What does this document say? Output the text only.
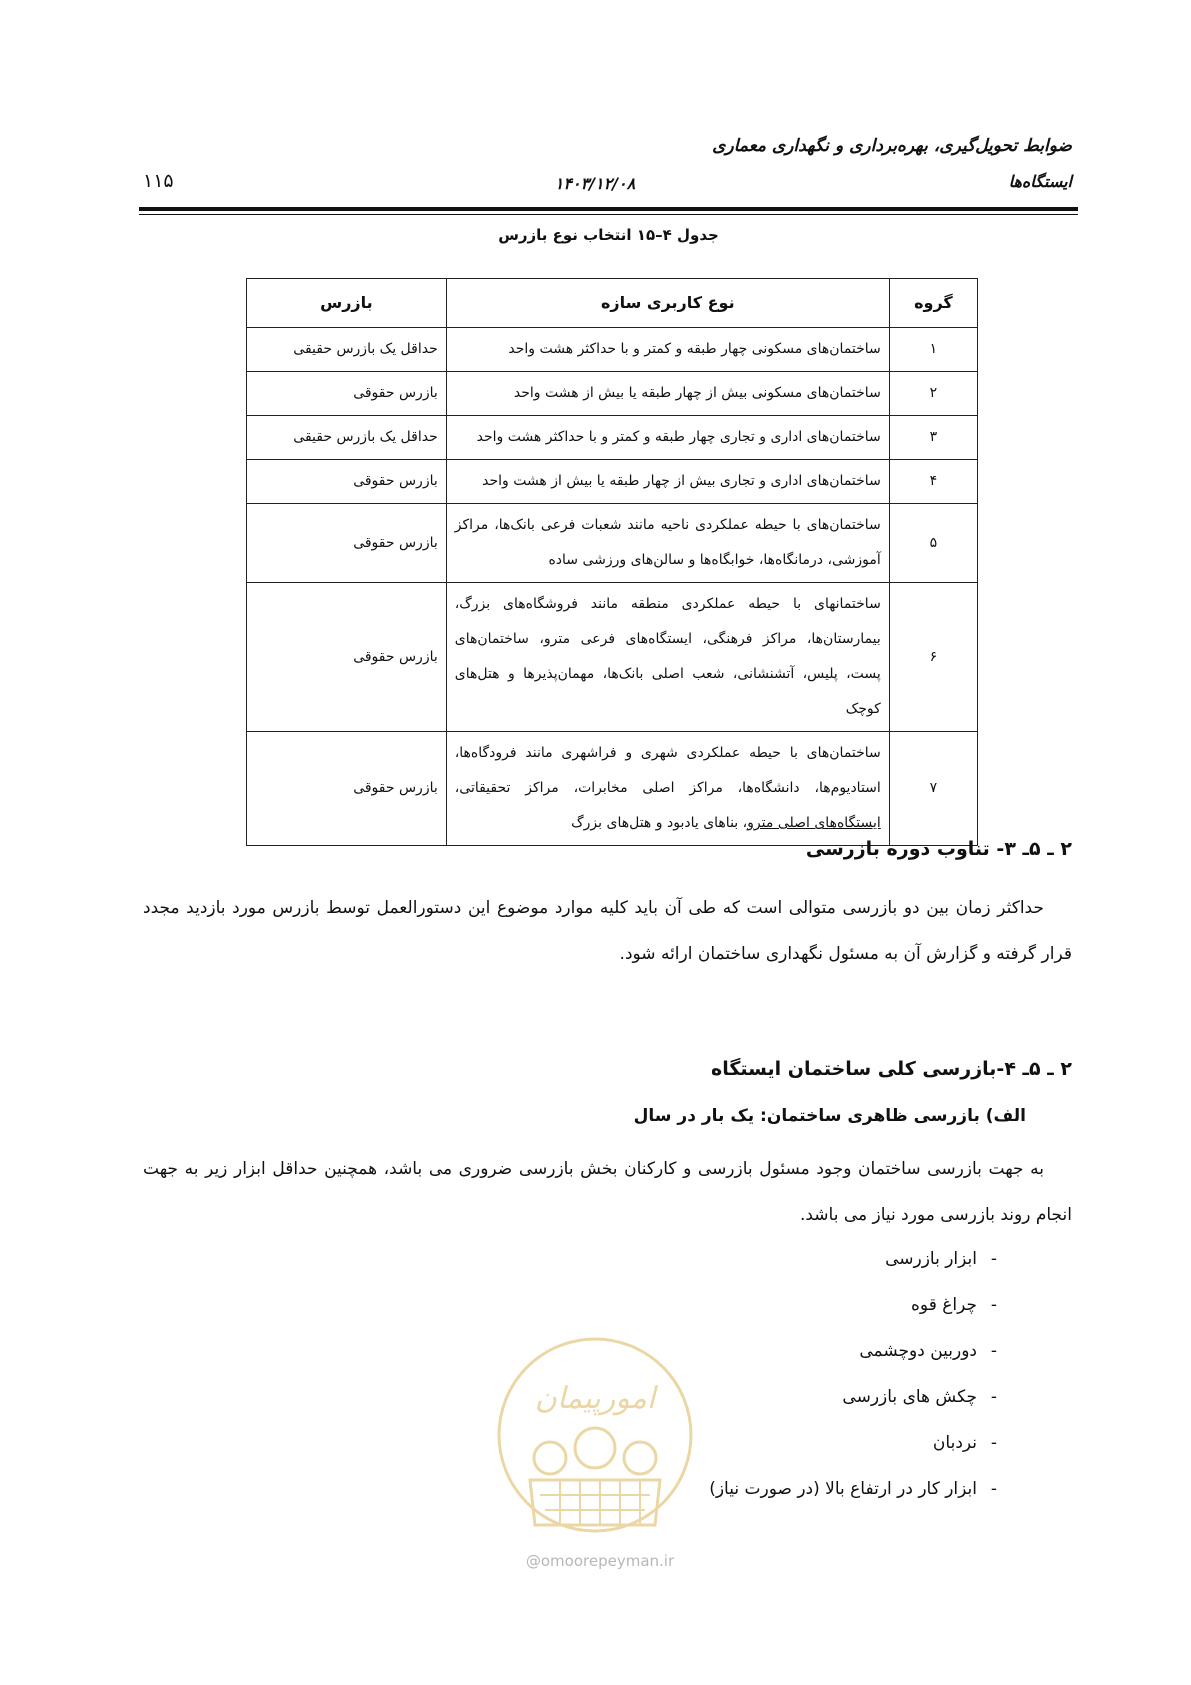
ضوابط تحویل‌گیری، بهره‌برداری و نگهداری معماری
ایستگاه‌ها
۱۴۰۳/۱۲/۰۸
۱۱۵
جدول ۴–۱۵ انتخاب نوع بازرس
گروه	نوع کاربری سازه	بازرس
۱	ساختمان‌های مسکونی چهار طبقه و کمتر و با حداکثر هشت واحد	حداقل یک بازرس حقیقی
۲	ساختمان‌های مسکونی بیش از چهار طبقه یا بیش از هشت واحد	بازرس حقوقی
۳	ساختمان‌های اداری و تجاری چهار طبقه و کمتر و با حداکثر هشت واحد	حداقل یک بازرس حقیقی
۴	ساختمان‌های اداری و تجاری بیش از چهار طبقه یا بیش از هشت واحد	بازرس حقوقی
۵	ساختمان‌های با حیطه عملکردی ناحیه مانند شعبات فرعی بانک‌ها، مراکز آموزشی، درمانگاه‌ها، خوابگاه‌ها و سالن‌های ورزشی ساده	بازرس حقوقی
۶	ساختمانهای با حیطه عملکردی منطقه مانند فروشگاه‌های بزرگ، بیمارستان‌ها، مراکز فرهنگی، ایستگاه‌های فرعی مترو، ساختمان‌های پست، پلیس، آتشنشانی، شعب اصلی بانک‌ها، مهمان‌پذیرها و هتل‌های کوچک	بازرس حقوقی
۷	ساختمان‌های با حیطه عملکردی شهری و فراشهری مانند فرودگاه‌ها، استادیوم‌ها، دانشگاه‌ها، مراکز اصلی مخابرات، مراکز تحقیقاتی، ایستگاه‌های اصلی مترو، بناهای یادبود و هتل‌های بزرگ	بازرس حقوقی
۲ ـ ۵ـ ۳- تناوب دوره بازرسی
حداکثر زمان بین دو بازرسی متوالی است که طی آن باید کلیه موارد موضوع این دستورالعمل توسط بازرس مورد بازدید مجدد قرار گرفته و گزارش آن به مسئول نگهداری ساختمان ارائه شود.
۲ ـ ۵ـ ۴-بازرسی کلی ساختمان ایستگاه
الف) بازرسی ظاهری ساختمان: یک بار در سال
به جهت بازرسی ساختمان وجود مسئول بازرسی و کارکنان بخش بازرسی ضروری می باشد، همچنین حداقل ابزار زیر به جهت انجام روند بازرسی مورد نیاز می باشد.
-ابزار بازرسی
-چراغ قوه
-دوربین دوچشمی
-چکش های بازرسی
-نردبان
-ابزار کار در ارتفاع بالا (در صورت نیاز)
امورپیمان
@omoorepeyman.ir
